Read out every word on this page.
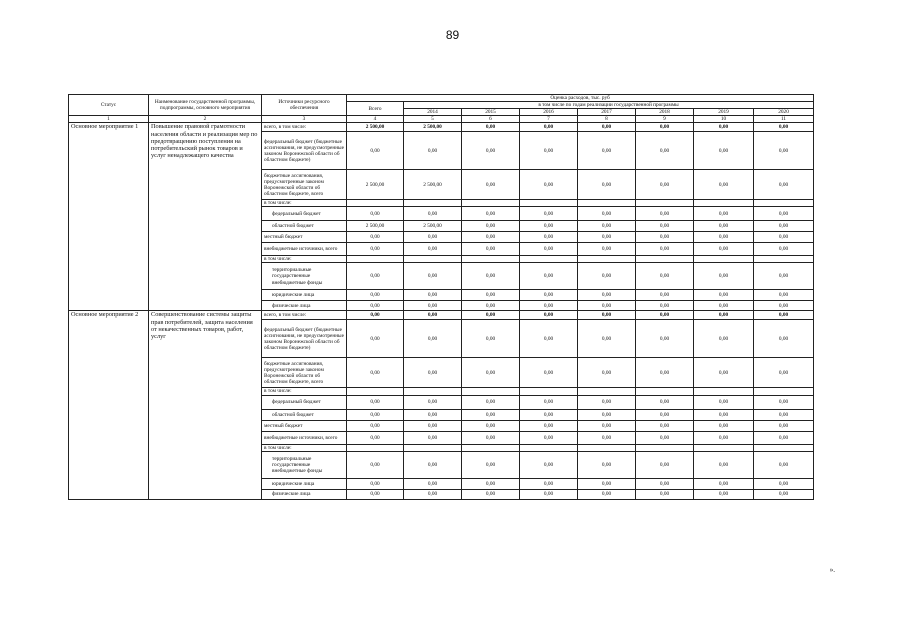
89
Статус	Наименование государственной программы, подпрограммы, основного мероприятия	Источники ресурсного обеспечения	Оценка расходов, тыс. руб							
			Всего	в том числе по годам реализации государственной программы						
				2014	2015	2016	2017	2018	2019	2020
1	2	3	4	5	6	7	8	9	10	11
Основное мероприятие 1	Повышение правовой грамотности населения области и реализация мер по предотвращению поступления на потребительский рынок товаров и услуг ненадлежащего качества	всего, в том числе:	2 500,00	2 500,00	0,00	0,00	0,00	0,00	0,00	0,00
		федеральный бюджет (бюджетные ассигнования, не предусмотренные законом Воронежской области об областном бюджете)	0,00	0,00	0,00	0,00	0,00	0,00	0,00	0,00
		бюджетные ассигнования, предусмотренные законом Воронежской области об областном бюджете, всего	2 500,00	2 500,00	0,00	0,00	0,00	0,00	0,00	0,00
		в том числе:								
		федеральный бюджет	0,00	0,00	0,00	0,00	0,00	0,00	0,00	0,00
		областной бюджет	2 500,00	2 500,00	0,00	0,00	0,00	0,00	0,00	0,00
		местный бюджет	0,00	0,00	0,00	0,00	0,00	0,00	0,00	0,00
		внебюджетные источники, всего	0,00	0,00	0,00	0,00	0,00	0,00	0,00	0,00
		в том числе:								
		территориальные государственные внебюджетные фонды	0,00	0,00	0,00	0,00	0,00	0,00	0,00	0,00
		юридические лица	0,00	0,00	0,00	0,00	0,00	0,00	0,00	0,00
		физические лица	0,00	0,00	0,00	0,00	0,00	0,00	0,00	0,00
Основное мероприятие 2	Совершенствование системы защиты прав потребителей, защита населения от некачественных товаров, работ, услуг	всего, в том числе:	0,00	0,00	0,00	0,00	0,00	0,00	0,00	0,00
		федеральный бюджет (бюджетные ассигнования, не предусмотренные законом Воронежской области об областном бюджете)	0,00	0,00	0,00	0,00	0,00	0,00	0,00	0,00
		бюджетные ассигнования, предусмотренные законом Воронежской области об областном бюджете, всего	0,00	0,00	0,00	0,00	0,00	0,00	0,00	0,00
		в том числе:								
		федеральный бюджет	0,00	0,00	0,00	0,00	0,00	0,00	0,00	0,00
		областной бюджет	0,00	0,00	0,00	0,00	0,00	0,00	0,00	0,00
		местный бюджет	0,00	0,00	0,00	0,00	0,00	0,00	0,00	0,00
		внебюджетные источники, всего	0,00	0,00	0,00	0,00	0,00	0,00	0,00	0,00
		в том числе:								
		территориальные государственные внебюджетные фонды	0,00	0,00	0,00	0,00	0,00	0,00	0,00	0,00
		юридические лица	0,00	0,00	0,00	0,00	0,00	0,00	0,00	0,00
		физические лица	0,00	0,00	0,00	0,00	0,00	0,00	0,00	0,00
».
